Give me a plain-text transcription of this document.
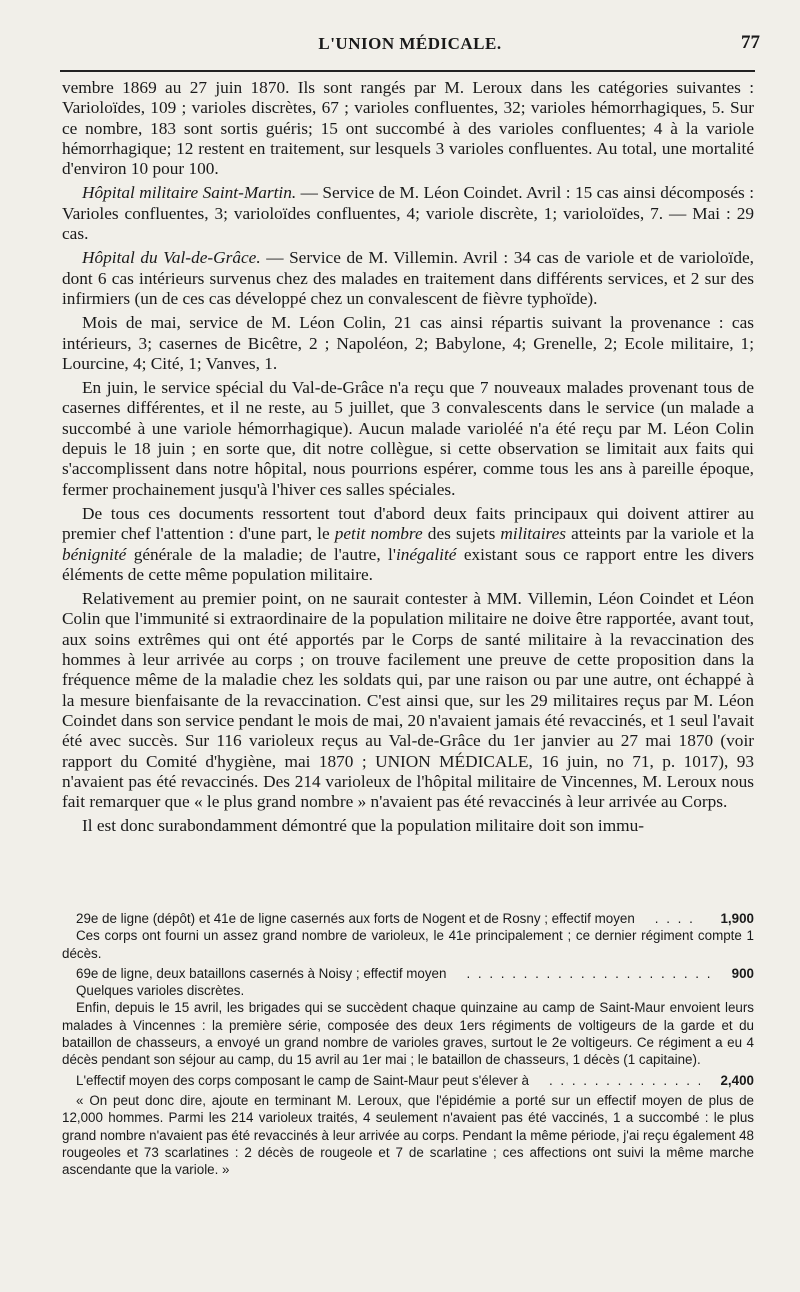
L'UNION MÉDICALE.	77

vembre 1869 au 27 juin 1870. Ils sont rangés par M. Leroux dans les catégories suivantes : Varioloïdes, 109 ; varioles discrètes, 67 ; varioles confluentes, 32; varioles hémorrhagiques, 5. Sur ce nombre, 183 sont sortis guéris; 15 ont succombé à des varioles confluentes; 4 à la variole hémorrhagique; 12 restent en traitement, sur lesquels 3 varioles confluentes. Au total, une mortalité d'environ 10 pour 100.

Hôpital militaire Saint-Martin. — Service de M. Léon Coindet. Avril : 15 cas ainsi décomposés : Varioles confluentes, 3; varioloïdes confluentes, 4; variole discrète, 1; varioloïdes, 7. — Mai : 29 cas.

Hôpital du Val-de-Grâce. — Service de M. Villemin. Avril : 34 cas de variole et de varioloïde, dont 6 cas intérieurs survenus chez des malades en traitement dans différents services, et 2 sur des infirmiers (un de ces cas développé chez un convalescent de fièvre typhoïde).

Mois de mai, service de M. Léon Colin, 21 cas ainsi répartis suivant la provenance : cas intérieurs, 3; casernes de Bicêtre, 2 ; Napoléon, 2; Babylone, 4; Grenelle, 2; Ecole militaire, 1; Lourcine, 4; Cité, 1; Vanves, 1.

En juin, le service spécial du Val-de-Grâce n'a reçu que 7 nouveaux malades provenant tous de casernes différentes, et il ne reste, au 5 juillet, que 3 convalescents dans le service (un malade a succombé à une variole hémorrhagique). Aucun malade varioléé n'a été reçu par M. Léon Colin depuis le 18 juin ; en sorte que, dit notre collègue, si cette observation se limitait aux faits qui s'accomplissent dans notre hôpital, nous pourrions espérer, comme tous les ans à pareille époque, fermer prochainement jusqu'à l'hiver ces salles spéciales.

De tous ces documents ressortent tout d'abord deux faits principaux qui doivent attirer au premier chef l'attention : d'une part, le petit nombre des sujets militaires atteints par la variole et la bénignité générale de la maladie; de l'autre, l'inégalité existant sous ce rapport entre les divers éléments de cette même population militaire.

Relativement au premier point, on ne saurait contester à MM. Villemin, Léon Coindet et Léon Colin que l'immunité si extraordinaire de la population militaire ne doive être rapportée, avant tout, aux soins extrêmes qui ont été apportés par le Corps de santé militaire à la revaccination des hommes à leur arrivée au corps ; on trouve facilement une preuve de cette proposition dans la fréquence même de la maladie chez les soldats qui, par une raison ou par une autre, ont échappé à la mesure bienfaisante de la revaccination. C'est ainsi que, sur les 29 militaires reçus par M. Léon Coindet dans son service pendant le mois de mai, 20 n'avaient jamais été revaccinés, et 1 seul l'avait été avec succès. Sur 116 varioleux reçus au Val-de-Grâce du 1er janvier au 27 mai 1870 (voir rapport du Comité d'hygiène, mai 1870 ; UNION MÉDICALE, 16 juin, no 71, p. 1017), 93 n'avaient pas été revaccinés. Des 214 varioleux de l'hôpital militaire de Vincennes, M. Leroux nous fait remarquer que « le plus grand nombre » n'avaient pas été revaccinés à leur arrivée au Corps.

Il est donc surabondamment démontré que la population militaire doit son immu-

29e de ligne (dépôt) et 41e de ligne casernés aux forts de Nogent et de Rosny ; effectif moyen . . .	1,900

Ces corps ont fourni un assez grand nombre de varioleux, le 41e principalement ; ce dernier régiment compte 1 décès.

69e de ligne, deux bataillons casernés à Noisy ; effectif moyen . . .	900

Quelques varioles discrètes.

Enfin, depuis le 15 avril, les brigades qui se succèdent chaque quinzaine au camp de Saint-Maur envoient leurs malades à Vincennes : la première série, composée des deux 1ers régiments de voltigeurs de la garde et du bataillon de chasseurs, a envoyé un grand nombre de varioles graves, surtout le 2e voltigeurs. Ce régiment a eu 4 décès pendant son séjour au camp, du 15 avril au 1er mai ; le bataillon de chasseurs, 1 décès (1 capitaine).

L'effectif moyen des corps composant le camp de Saint-Maur peut s'élever à . . .	2,400

« On peut donc dire, ajoute en terminant M. Leroux, que l'épidémie a porté sur un effectif moyen de plus de 12,000 hommes. Parmi les 214 varioleux traités, 4 seulement n'avaient pas été vaccinés, 1 a succombé : le plus grand nombre n'avaient pas été revaccinés à leur arrivée au corps. Pendant la même période, j'ai reçu également 48 rougeoles et 73 scarlatines : 2 décès de rougeole et 7 de scarlatine ; ces affections ont suivi la même marche ascendante que la variole. »
